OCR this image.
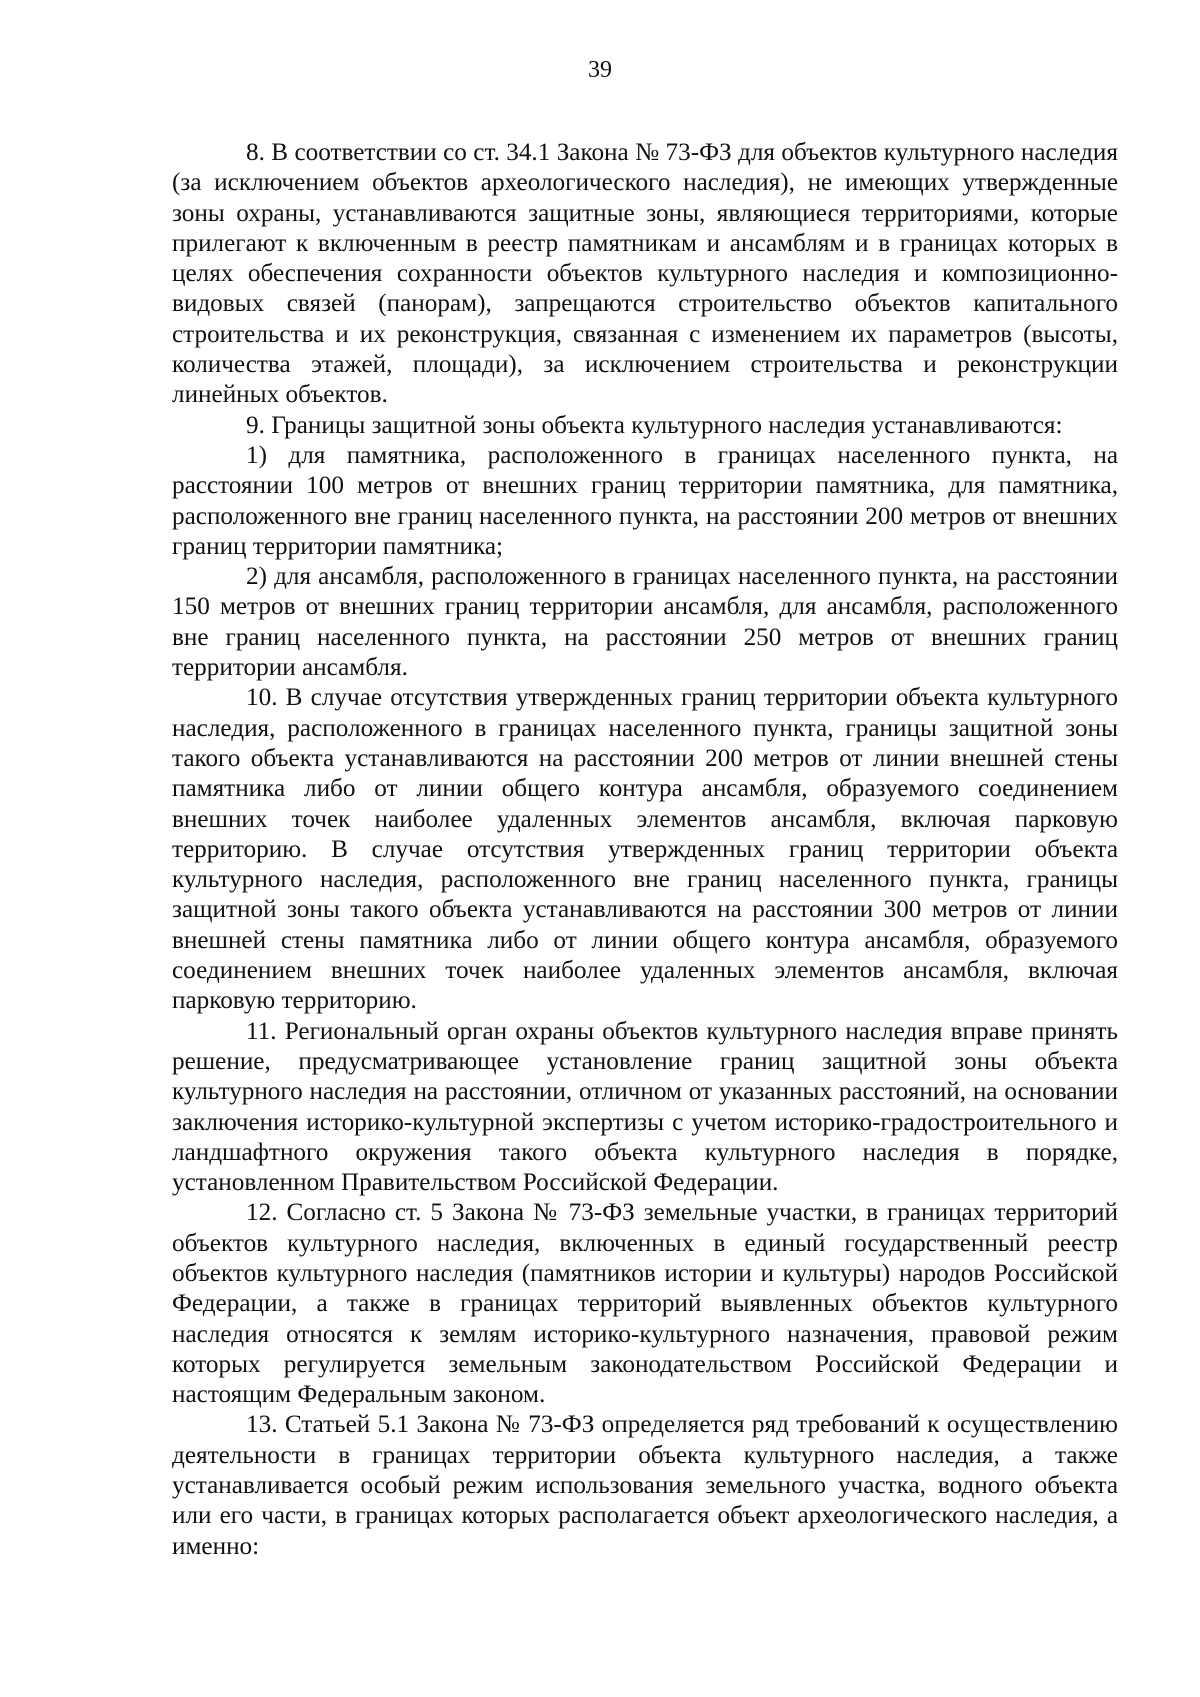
39

8. В соответствии со ст. 34.1 Закона № 73-ФЗ для объектов культурного наследия (за исключением объектов археологического наследия), не имеющих утвержденные зоны охраны, устанавливаются защитные зоны, являющиеся территориями, которые прилегают к включенным в реестр памятникам и ансамблям и в границах которых в целях обеспечения сохранности объектов культурного наследия и композиционно-видовых связей (панорам), запрещаются строительство объектов капитального строительства и их реконструкция, связанная с изменением их параметров (высоты, количества этажей, площади), за исключением строительства и реконструкции линейных объектов.

9. Границы защитной зоны объекта культурного наследия устанавливаются:

1) для памятника, расположенного в границах населенного пункта, на расстоянии 100 метров от внешних границ территории памятника, для памятника, расположенного вне границ населенного пункта, на расстоянии 200 метров от внешних границ территории памятника;

2) для ансамбля, расположенного в границах населенного пункта, на расстоянии 150 метров от внешних границ территории ансамбля, для ансамбля, расположенного вне границ населенного пункта, на расстоянии 250 метров от внешних границ территории ансамбля.

10. В случае отсутствия утвержденных границ территории объекта культурного наследия, расположенного в границах населенного пункта, границы защитной зоны такого объекта устанавливаются на расстоянии 200 метров от линии внешней стены памятника либо от линии общего контура ансамбля, образуемого соединением внешних точек наиболее удаленных элементов ансамбля, включая парковую территорию. В случае отсутствия утвержденных границ территории объекта культурного наследия, расположенного вне границ населенного пункта, границы защитной зоны такого объекта устанавливаются на расстоянии 300 метров от линии внешней стены памятника либо от линии общего контура ансамбля, образуемого соединением внешних точек наиболее удаленных элементов ансамбля, включая парковую территорию.

11. Региональный орган охраны объектов культурного наследия вправе принять решение, предусматривающее установление границ защитной зоны объекта культурного наследия на расстоянии, отличном от указанных расстояний, на основании заключения историко-культурной экспертизы с учетом историко-градостроительного и ландшафтного окружения такого объекта культурного наследия в порядке, установленном Правительством Российской Федерации.

12. Согласно ст. 5 Закона № 73-ФЗ земельные участки, в границах территорий объектов культурного наследия, включенных в единый государственный реестр объектов культурного наследия (памятников истории и культуры) народов Российской Федерации, а также в границах территорий выявленных объектов культурного наследия относятся к землям историко-культурного назначения, правовой режим которых регулируется земельным законодательством Российской Федерации и настоящим Федеральным законом.

13. Статьей 5.1 Закона № 73-ФЗ определяется ряд требований к осуществлению деятельности в границах территории объекта культурного наследия, а также устанавливается особый режим использования земельного участка, водного объекта или его части, в границах которых располагается объект археологического наследия, а именно:
